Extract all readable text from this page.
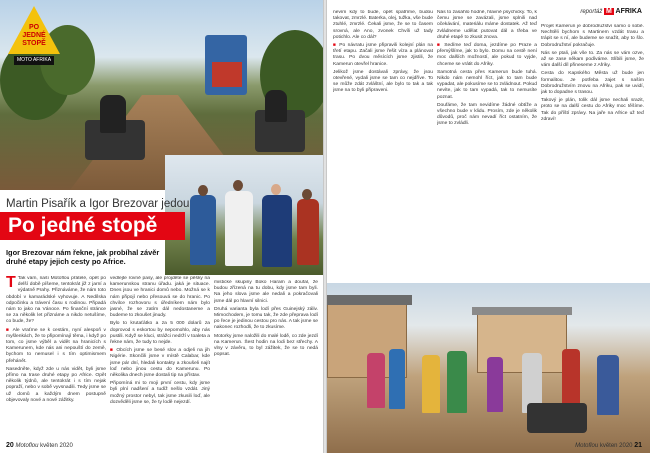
PO
JEDNÉ
STOPĚ
MOTO AFRIKA
Martin Pisařík a Igor Brezovar jedou
Po jedné stopě
Igor Brezovar nám řekne, jak probíhal závěr druhé etapy jejich cesty po Africe.
T Tak vám, naší Motoflou přátelé, opět po delší době píšeme, tentokrát již z jarní a výdatně Prahy. Přiznáváme, že nám toto období v kamarádské vyhovuje. A Nedílska odpočinku a trávení času s rodinou. Připadá nám to jako na Vánoce. Po finanční stránce se za několik let přiznáme a nikdo netušíme, co bude, že?

■ Ale vraťme se k cestám, nyní alespoň v myšlenkách, že to připomínají těma, i když po tom, co jsme výběl a vidět na hranicích s Kamerunem, kde nás ani nepouští do země, bychom to nemusel i s tím optimismem přehánět.

Nasedněte, když zde u nás vidět, byli jsme přímo na trase druhé etapy po Africe. Opět několik týdnů, ale tentokrát i s tím nejak popraží, nebo v sobě vyvsnadili. Tedy jsme se už domů a každým dnem postupně objevovaly nové a nové zážitky.

vedlejte rovně pasy, ale projděte se pěšky na kamerunskou stranu úřadu. jaká je situace. Dnes jsou ve hranici domů nebo. Možná se k nám připojí nebo přesouvá se do hranic. Po chvilce rozhovoru s úředníkem nám bylo jasné, že se zatím dál nedostaneme a budeme to zkoušet jinudy.

Bylo to krutaťátko a za 5 000 dolarů za doprovod s eskortou by nepomohlo, aby nás pustili. Když se kluci, strážci nedrží v toaleta a řekne nám, že tudy to nejde.

■ Obcích jsme se besé slov a odjeli na jih Nigérie. Skončili jsme v místě Calabar, kde jsme pár dní, hledali kontakty a zkoušeli najít loď nebo jinou cestu do Kamerunu. Po několika dnech jsme dostali tip na přístav.

Připomíná mi to moji první cestu, kdy jsme byli plní nadšení a tudíž nešlo vzdát. Jiný možný prostor nebyl, tak jsme zkusili loď, ale dozvěděli jsme se, že ty lodě nejezdí.

mistické skupiny Boko Haram a doufal, že budou zřízená na tu dobu, kdy jsme tam byli. Na jeho slova jsme ale nedali a pokračovali jsme dál po hlavní silnici.

Druhá varianta byla lodí přes Guinejský záliv. Mimochodem, je tomu tak, že zde přeprava lodí po řece je jedinou cestou pro nás. A tak jsme se nakonec rozhodli, že to zkusíme.

Motorky jsme naložili do malé lodě, co zde jezdí na Kamerun. Šest hodin na lodi bez střechy. A vlny v závěru, to byl zážitek, že se to nedá popsat.

20 Motoflou květen 2020
reportáž M AFRIKA
nevím kdy to bude, opět spatříme, budou takovat, zmrzlé. Baterka, olej, tužka, vše bude ztuhlé, zmrzlé. Čekali jsme, že se to časem srovná, ale Ano, zvonek Chvíli už tady potichlo. Ale co dál?

■ Po návratu jsme připravili kolejní plán na třetí etapu. Začali jsme řešit víza a plánovat trasu. Po dvou měsících jsme zjistili, že Kamerun otevřel hranice.

Jelikož jsme dostávali zprávy, že jsou otevřené, vydali jsme se tam co nejdříve. To se může zdát zvláštní, ale bylo to tak a tak jsme na to byli připraveni.

Nás to zasáhlo hodně, hlavně psychicky. To, k čemu jsme se zavázali, jsme splnili nad očekávání, materiálu máme dostatek. Až teď zvládneme udělat putovat dál a třeba ve druhé etapě to zkusit znova.

■ Sedíme teď doma, jezdíme po Praze a přemýšlíme, jak to bylo. Domu na cestě není moc dalších možností, ale pokud to vyjde, chceme se vrátit do Afriky.

Samotná cesta přes Kamerun bude tuhá. Nikdo nám nemohl říct, jak to tam bude vypadat, ale pokusíme se to zvládnout. Pokud nevíte, jak to tam vypadá, tak to nemusíte poznat.

Doufáme, že tam nevidíme žádné obtíže a všechno bude v klidu. Prosím, zde je několik důvodů, proč nám nevadí říct ostatním, že jsme to zvládli.

Projet Kamerun je dobrodružství samo o sobě. Nechtěli bychom s Martinem vzdát trasu a trápit se s ní, ale budeme se snažit, aby to šlo. Dobrodružství pokračuje.

Nás se ptali, jak vše to. Za nás se vám ozve, až se zase někam podíváme. Slíbili jsme, že vám další díl přineseme z Afriky.

Cesta do Kapského Města už bude jen formalitou. Je potřeba zajet s naším Dobrodružstvím znovu na Afriku, pak se uvidí, jak to dopadne s trasou.

Takový je plán, tolik dál jsme nechali srazit, proto se na další cestu do Afriky moc těšíme. Tak do příští zprávy. Na jaře na Africe už teď zdraví!

Motoflou květen 2020 21
